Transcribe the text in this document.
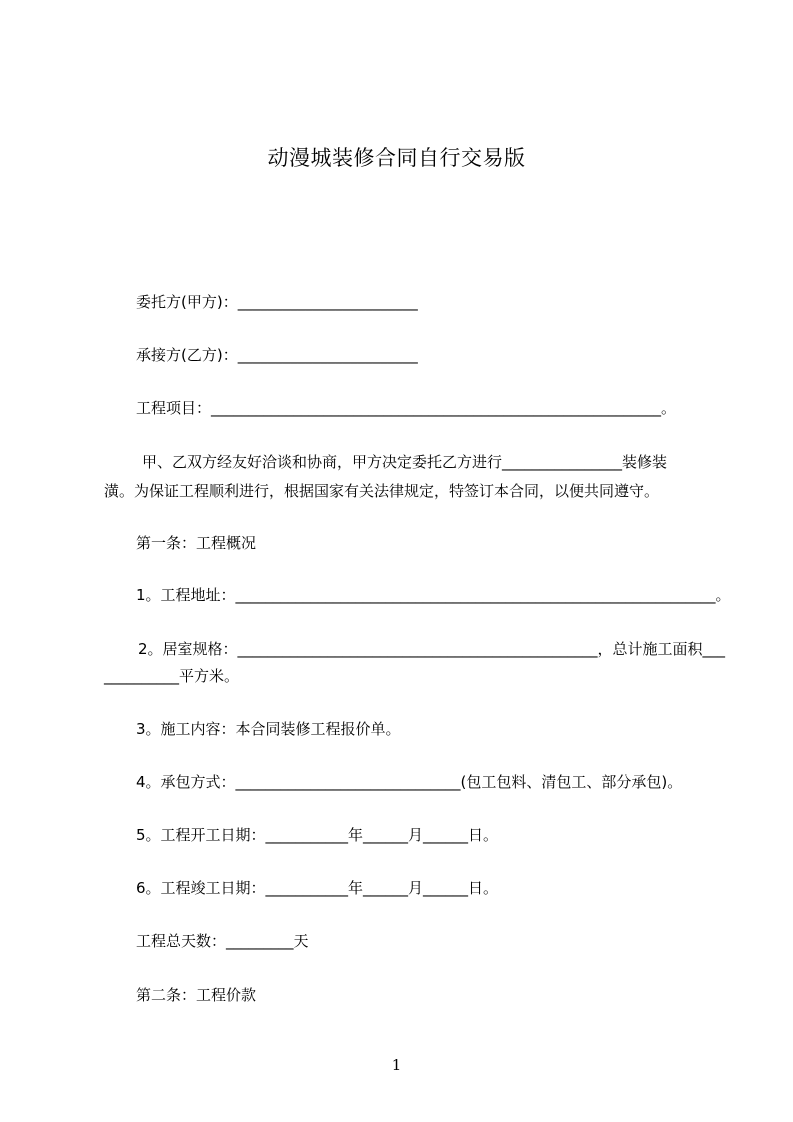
动漫城装修合同自行交易版
委托方(甲方)：________________________
承接方(乙方)：________________________
工程项目：____________________________________________________________。
甲、乙双方经友好洽谈和协商，甲方决定委托乙方进行________________装修装
潢。为保证工程顺利进行，根据国家有关法律规定，特签订本合同，以便共同遵守。
第一条：工程概况
1。工程地址：________________________________________________________________。
2。居室规格：________________________________________________，总计施工面积___
__________平方米。
3。施工内容：本合同装修工程报价单。
4。承包方式：______________________________(包工包料、清包工、部分承包)。
5。工程开工日期：___________年______月______日。
6。工程竣工日期：___________年______月______日。
工程总天数：_________天
第二条：工程价款
1
